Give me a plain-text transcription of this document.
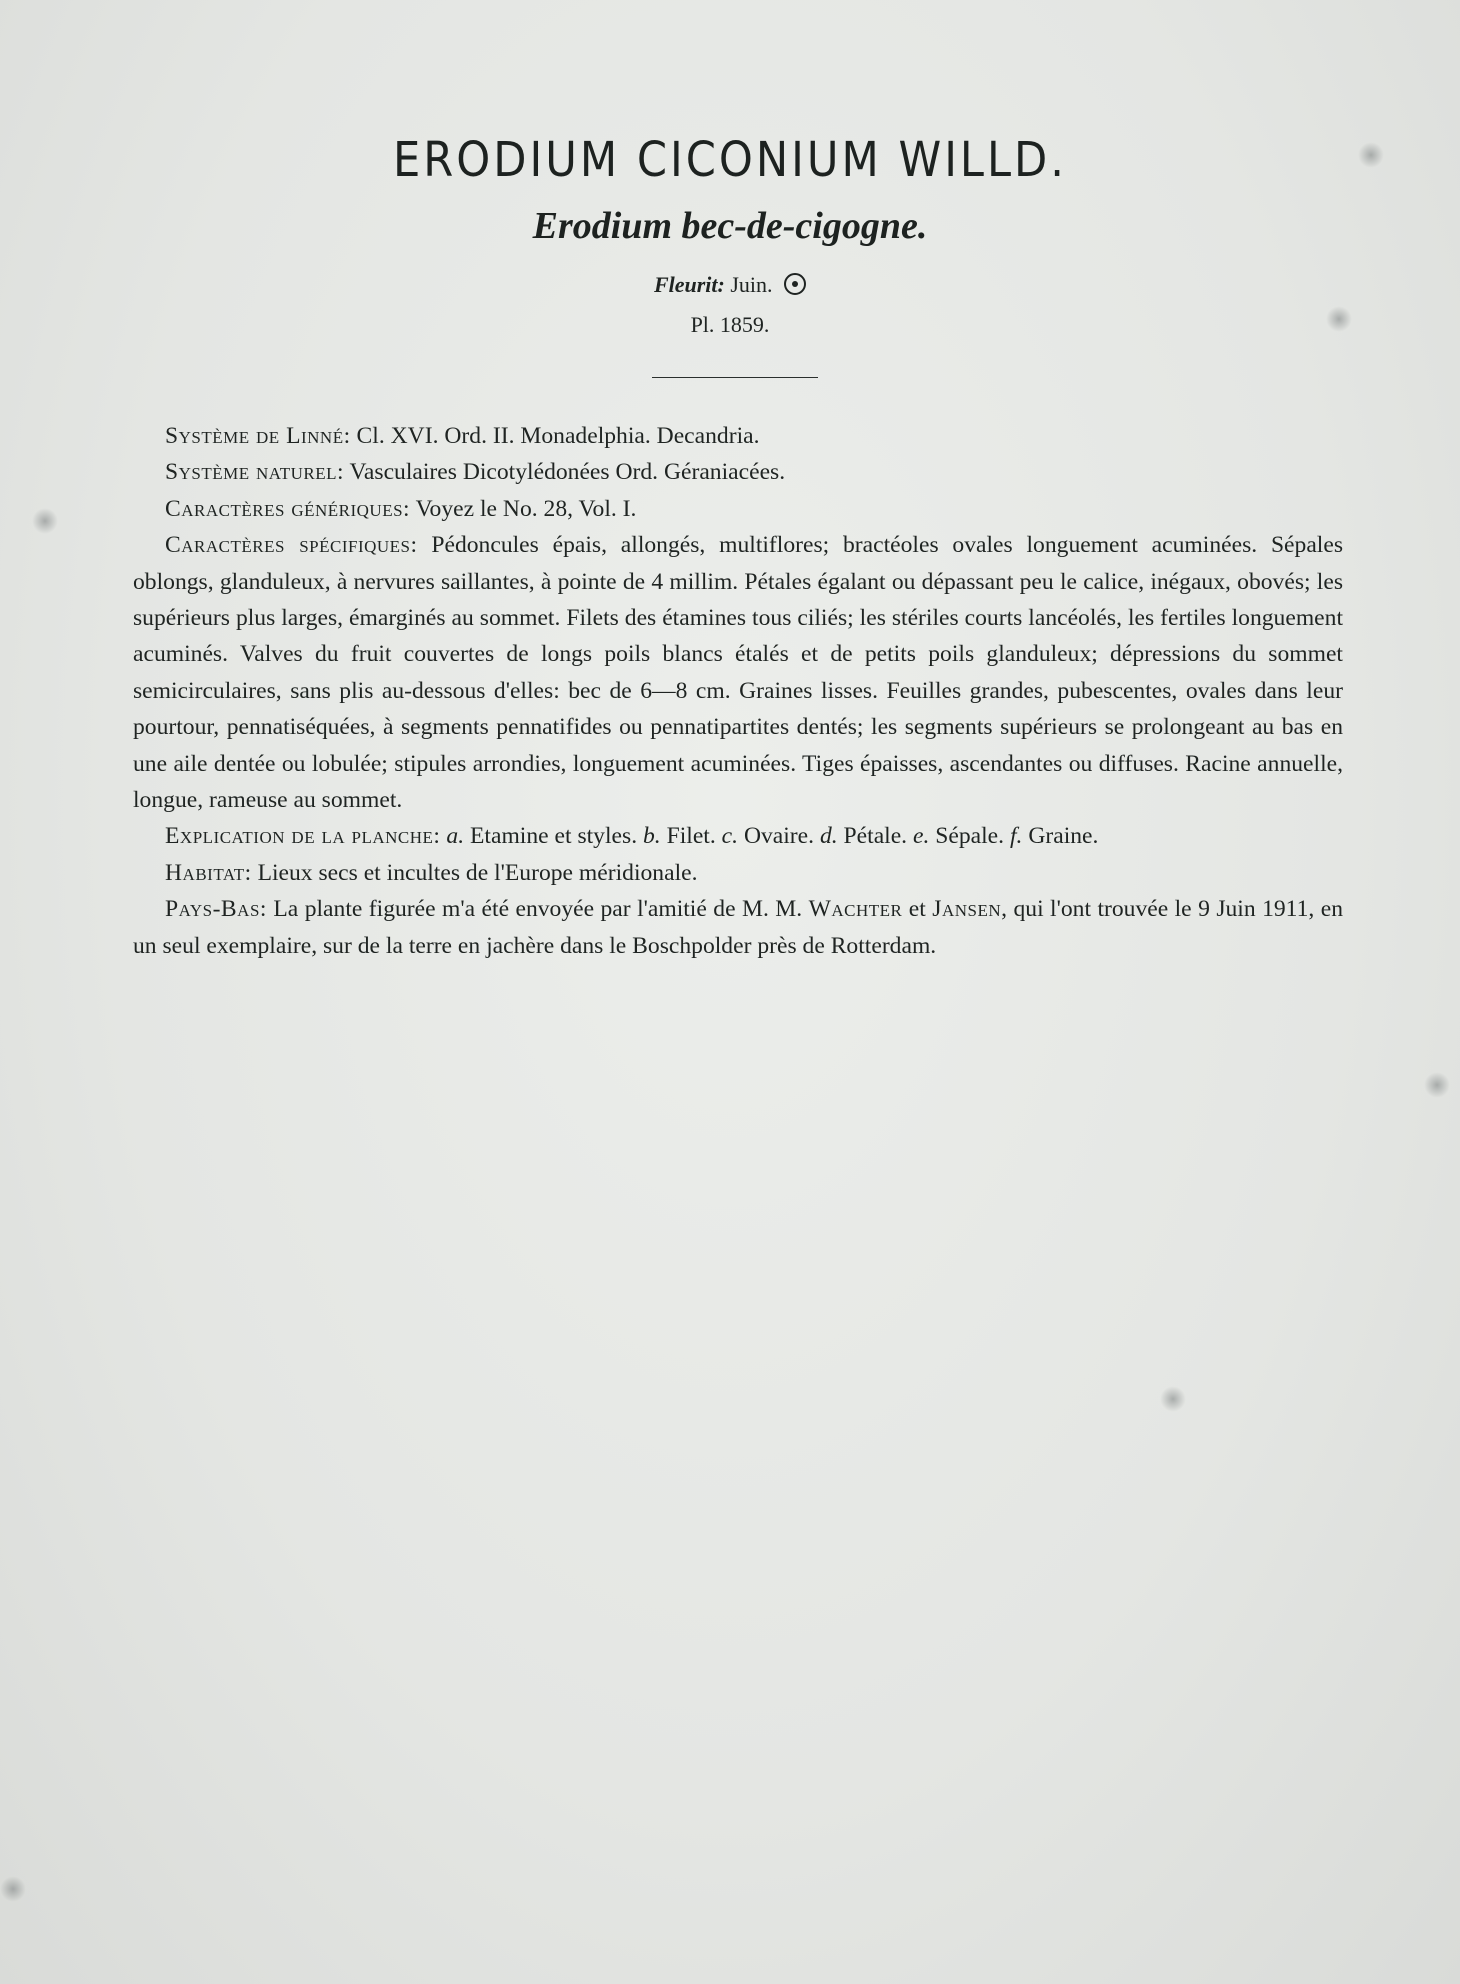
ERODIUM CICONIUM WILLD.
Erodium bec-de-cigogne.
Fleurit: Juin.
Pl. 1859.

Système de Linné: Cl. XVI. Ord. II. Monadelphia. Decandria.

Système naturel: Vasculaires Dicotylédonées Ord. Géraniacées.

Caractères génériques: Voyez le No. 28, Vol. I.

Caractères spécifiques: Pédoncules épais, allongés, multiflores; bractéoles ovales longuement acuminées. Sépales oblongs, glanduleux, à nervures saillantes, à pointe de 4 millim. Pétales égalant ou dépassant peu le calice, inégaux, obovés; les supérieurs plus larges, émarginés au sommet. Filets des étamines tous ciliés; les stériles courts lancéolés, les fertiles longuement acuminés. Valves du fruit couvertes de longs poils blancs étalés et de petits poils glanduleux; dépressions du sommet semicirculaires, sans plis au-dessous d'elles: bec de 6—8 cm. Graines lisses. Feuilles grandes, pubescentes, ovales dans leur pourtour, pennatiséquées, à segments pennatifides ou pennatipartites dentés; les segments supérieurs se prolongeant au bas en une aile dentée ou lobulée; stipules arrondies, longuement acuminées. Tiges épaisses, ascendantes ou diffuses. Racine annuelle, longue, rameuse au sommet.

Explication de la planche: a. Etamine et styles. b. Filet. c. Ovaire. d. Pétale. e. Sépale. f. Graine.

Habitat: Lieux secs et incultes de l'Europe méridionale.

Pays-Bas: La plante figurée m'a été envoyée par l'amitié de M. M. Wachter et Jansen, qui l'ont trouvée le 9 Juin 1911, en un seul exemplaire, sur de la terre en jachère dans le Boschpolder près de Rotterdam.
